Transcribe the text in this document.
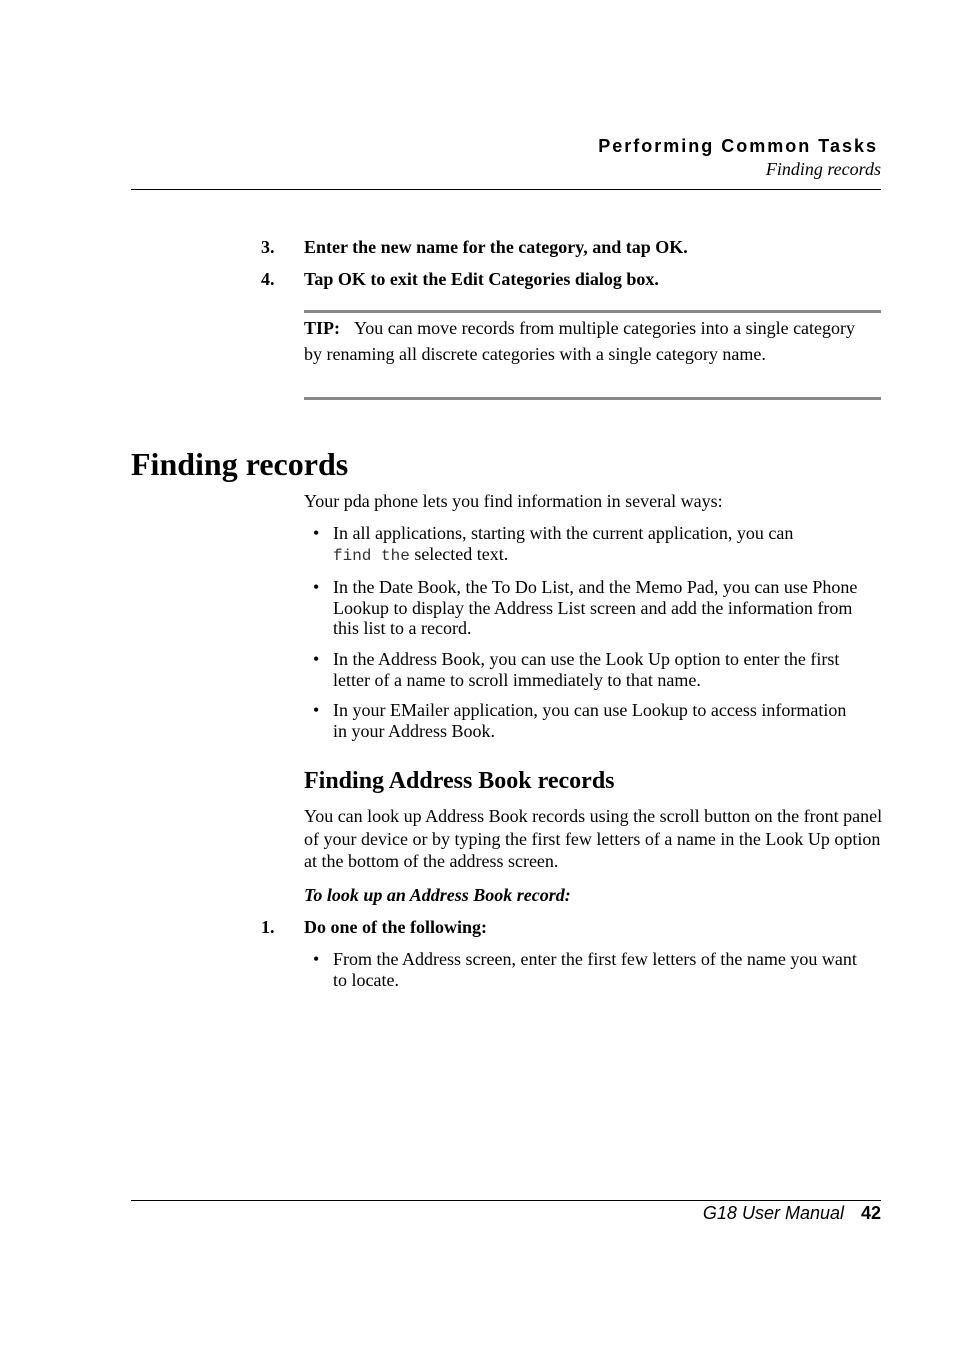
Performing Common Tasks
Finding records
3. Enter the new name for the category, and tap OK.
4. Tap OK to exit the Edit Categories dialog box.
TIP: You can move records from multiple categories into a single category by renaming all discrete categories with a single category name.
Finding records
Your pda phone lets you find information in several ways:
• In all applications, starting with the current application, you can
find the selected text.
• In the Date Book, the To Do List, and the Memo Pad, you can use Phone Lookup to display the Address List screen and add the information from this list to a record.
• In the Address Book, you can use the Look Up option to enter the first letter of a name to scroll immediately to that name.
• In your EMailer application, you can use Lookup to access information in your Address Book.
Finding Address Book records
You can look up Address Book records using the scroll button on the front panel of your device or by typing the first few letters of a name in the Look Up option at the bottom of the address screen.
To look up an Address Book record:
1. Do one of the following:
• From the Address screen, enter the first few letters of the name you want to locate.
G18 User Manual 42
